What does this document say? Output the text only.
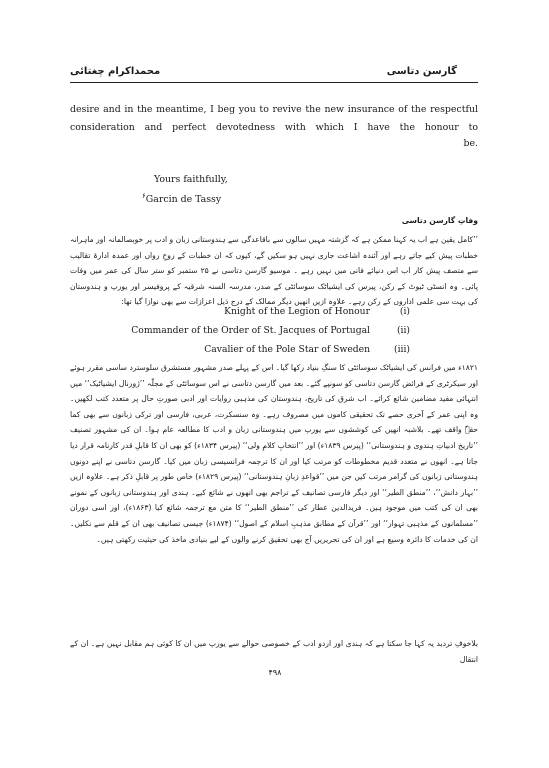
گارسن دتاسی
محمداکرام چغتائی
desire and in the meantime, I beg you to revive the new insurance of the respectful consideration and perfect devotedness with which I have the honour to
be.
Yours faithfully,
$^۶$Garcin de Tassy
وفاتِ گارسن دتاسی
’’کامل یقین ہے اب یہ کہنا ممکن ہے کہ گزشتہ مہیں سالوں سے باقاعدگی سے ہندوستانی زبان و ادب پر خوبصالمانہ اور ماہرانہ خطبات پیش کیے جاتے رہے اور آئندہ اشاعت جاری نہیں ہو سکیں گے، کیوں کہ ان خطبات کے روحِ رواں اور عمدہ ادارۃ تقالیب سے متصف پیش کار اب اس دنیائے فانی میں نہیں رہے ۔ موسیو گارسن دتاسی نے ۲۵ ستمبر کو ستر سال کی عمر میں وفات پائی۔ وہ انسٹی ٹیوٹ کے رکن، پیرس کی ایشیاٹک سوسائٹی کے صدر، مدرسہ السنہ شرقیہ کے پروفیسر اور یورپ و ہندوستان کی بہت سی علمی اداروں کے رکن رہے۔ علاوہ ازیں انھیں دیگر ممالک کے درج ذیل اعزازات سے بھی نوازا گیا تھا:
Knight of the Legion of Honour	(i)
Commander of the Order of St. Jacques of Portugal	(ii)
Cavalier of the Pole Star of Sweden	(iii)
۱۸۲۱ء میں فرانس کی ایشیاٹک سوسائٹی کا سنگِ بنیاد رکھا گیا۔ اس کے پہلے صدر مشہور مستشرق سلوسترد ساسی مقرر ہوئے اور سیکرٹری کے فرائض گارسن دتاسی کو سونپے گئے۔ بعد میں گارسن دتاسی نے اس سوسائٹی کے مجلّہ ’’ژورنال ایشیاٹیک‘‘ میں انتہائی مفید مضامین شائع کرائے۔ اب شرق کی تاریخ، ہندوستان کی مذہبی روایات اور ادبی صورتِ حال پر متعدد کتب لکھیں۔ وہ اپنی عمر کے آخری حصے تک تحقیقی کاموں میں مصروف رہے۔ وہ سنسکرت، عربی، فارسی اور ترکی زبانوں سے بھی کما حقہٗ واقف تھے۔ بلاشبہ انھیں کی کوششوں سے یورپ میں ہندوستانی زبان و ادب کا مطالعہ عام ہوا۔ ان کی مشہور تصنیف ’’تاریخ ادبیاتِ ہندوی و ہندوستانی‘‘ (پیرس ۱۸۳۹ء) اور ’’انتخابِ کلامِ ولی‘‘ (پیرس ۱۸۳۴ء) کو بھی ان کا قابلِ قدر کارنامہ قرار دیا جاتا ہے۔ انھوں نے متعدد قدیم مخطوطات کو مرتب کیا اور ان کا ترجمہ فرانسیسی زبان میں کیا۔ گارسن دتاسی نے اپنے دونوں ہندوستانی زبانوں کی گرامر مرتب کیں جن میں ’’قواعدِ زبانِ ہندوستانی‘‘ (پیرس ۱۸۲۹ء) خاص طور پر قابلِ ذکر ہے۔ علاوہ ازیں ’’بہار دانش‘‘، ’’منطق الطیر‘‘ اور دیگر فارسی تصانیف کے تراجم بھی انھوں نے شائع کیے۔ ہندی اور ہندوستانی زبانوں کے نمونے بھی ان کی کتب میں موجود ہیں۔ فریدالدین عطار کی ’’منطق الطیر‘‘ کا متن مع ترجمہ شائع کیا (۱۸۶۳ء)، اور اسی دوران ’’مسلمانوں کے مذہبی تہوار‘‘ اور ’’قرآن کے مطابق مذہبِ اسلام کے اصول‘‘ (۱۸۷۴ء) جیسی تصانیف بھی ان کے قلم سے نکلیں۔ ان کی خدمات کا دائرہ وسیع ہے اور ان کی تحریریں آج بھی تحقیق کرنے والوں کے لیے بنیادی ماخذ کی حیثیت رکھتی ہیں۔
بلاخوفِ تردید یہ کہا جا سکتا ہے کہ ہندی اور اردو ادب کے خصوصی حوالے سے یورپ میں ان کا کوئی ہم مقابل نہیں ہے۔ ان کے انتقال
۴۹۸
